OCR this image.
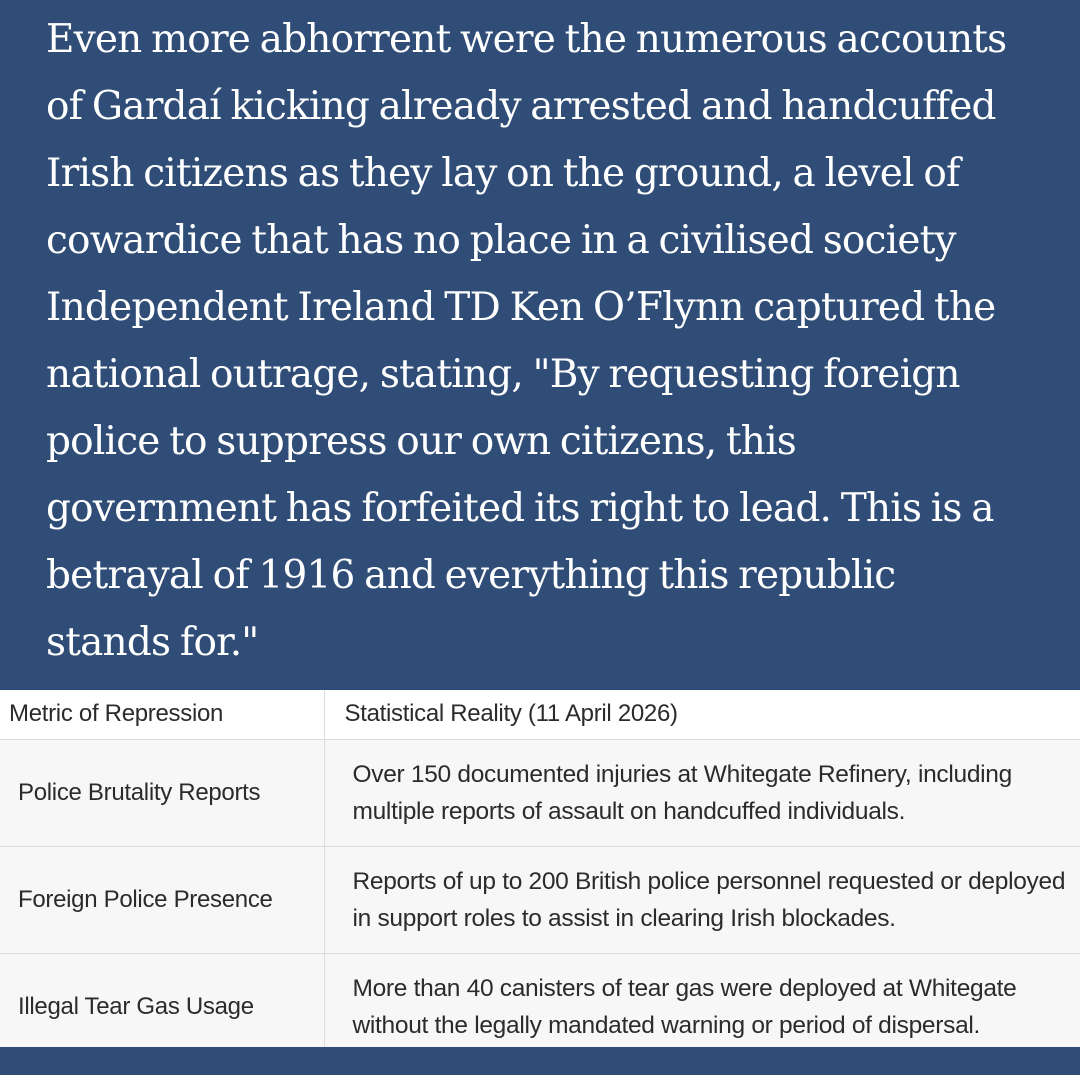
Even more abhorrent were the numerous accounts
of Gardaí kicking already arrested and handcuffed
Irish citizens as they lay on the ground, a level of
cowardice that has no place in a civilised society
Independent Ireland TD Ken O’Flynn captured the
national outrage, stating, "By requesting foreign
police to suppress our own citizens, this
government has forfeited its right to lead. This is a
betrayal of 1916 and everything this republic
stands for."

Metric of Repression	Statistical Reality (11 April 2026)
Police Brutality Reports	Over 150 documented injuries at Whitegate Refinery, including multiple reports of assault on handcuffed individuals.
Foreign Police Presence	Reports of up to 200 British police personnel requested or deployed in support roles to assist in clearing Irish blockades.
Illegal Tear Gas Usage	More than 40 canisters of tear gas were deployed at Whitegate without the legally mandated warning or period of dispersal.
